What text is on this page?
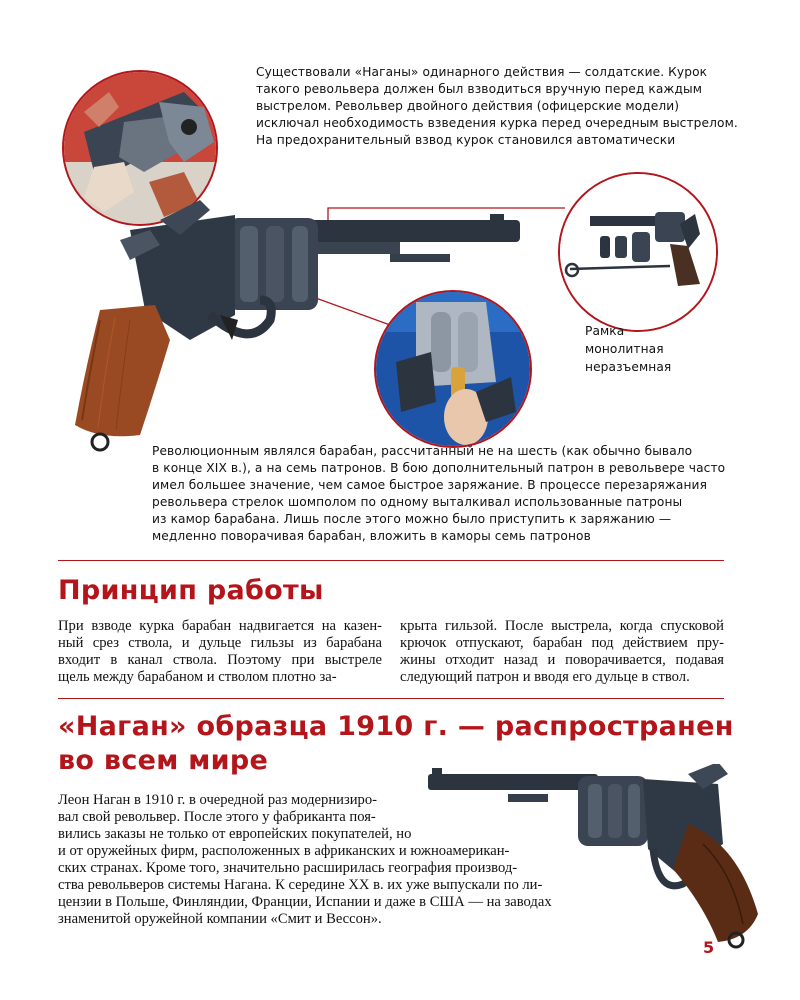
Существовали «Наганы» одинарного действия — солдатские. Курок
такого револьвера должен был взводиться вручную перед каждым
выстрелом. Револьвер двойного действия (офицерские модели)
исключал необходимость взведения курка перед очередным выстрелом.
На предохранительный взвод курок становился автоматически
Рамка
монолитная
неразъемная
Революционным являлся барабан, рассчитанный не на шесть (как обычно бывало
в конце XIX в.), а на семь патронов. В бою дополнительный патрон в револьвере часто
имел большее значение, чем самое быстрое заряжание. В процессе перезаряжания
револьвера стрелок шомполом по одному выталкивал использованные патроны
из камор барабана. Лишь после этого можно было приступить к заряжанию —
медленно поворачивая барабан, вложить в каморы семь патронов
Принцип работы
При взводе курка барабан надвигается на казен-
ный срез ствола, и дульце гильзы из барабана
входит в канал ствола. Поэтому при выстреле
щель между барабаном и стволом плотно за-
крыта гильзой. После выстрела, когда спусковой
крючок отпускают, барабан под действием пру-
жины отходит назад и поворачивается, подавая
следующий патрон и вводя его дульце в ствол.
«Наган» образца 1910 г. — распространен
во всем мире
Леон Наган в 1910 г. в очередной раз модернизиро-
вал свой револьвер. После этого у фабриканта поя-
вились заказы не только от европейских покупателей, но
и от оружейных фирм, расположенных в африканских и южноамерикан-
ских странах. Кроме того, значительно расширилась география производ-
ства револьверов системы Нагана. К середине XX в. их уже выпускали по ли-
цензии в Польше, Финляндии, Франции, Испании и даже в США — на заводах
знаменитой оружейной компании «Смит и Вессон».
5
